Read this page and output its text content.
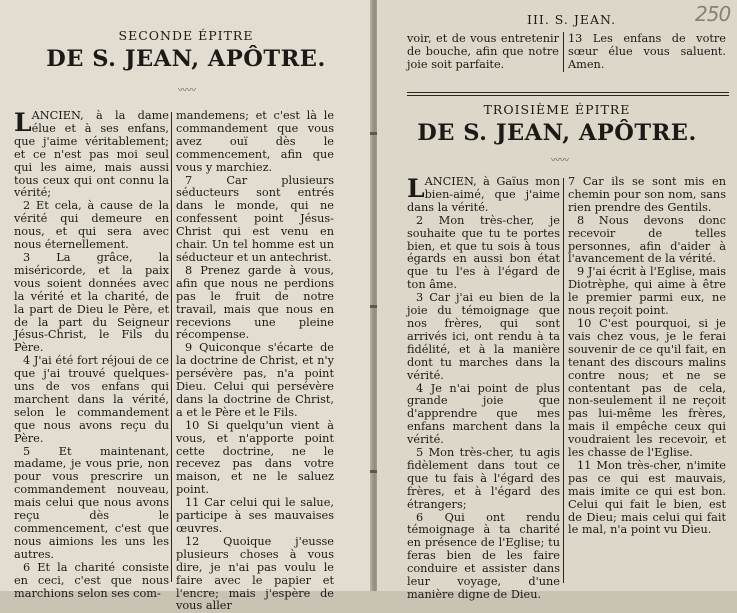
SECONDE ÉPITRE
DE S. JEAN, APÔTRE.
〰〰

LANCIEN, à la dame élue et à ses enfans, que j'aime véritablement; et ce n'est pas moi seul qui les aime, mais aussi tous ceux qui ont connu la vérité;

2 Et cela, à cause de la vérité qui demeure en nous, et qui sera avec nous éternellement.

3 La grâce, la miséricorde, et la paix vous soient données avec la vérité et la charité, de la part de Dieu le Père, et de la part du Seigneur Jésus-Christ, le Fils du Père.

4 J'ai été fort réjoui de ce que j'ai trouvé quelques-uns de vos enfans qui marchent dans la vérité, selon le commandement que nous avons reçu du Père.

5 Et maintenant, madame, je vous prie, non pour vous prescrire un commandement nouveau, mais celui que nous avons reçu dès le commencement, c'est que nous aimions les uns les autres.

6 Et la charité consiste en ceci, c'est que nous marchions selon ses com-

mandemens; et c'est là le commandement que vous avez ouï dès le commencement, afin que vous y marchiez.

7 Car plusieurs séducteurs sont entrés dans le monde, qui ne confessent point Jésus-Christ qui est venu en chair. Un tel homme est un séducteur et un antechrist.

8 Prenez garde à vous, afin que nous ne perdions pas le fruit de notre travail, mais que nous en recevions une pleine récompense.

9 Quiconque s'écarte de la doctrine de Christ, et n'y persévère pas, n'a point Dieu. Celui qui persévère dans la doctrine de Christ, a et le Père et le Fils.

10 Si quelqu'un vient à vous, et n'apporte point cette doctrine, ne le recevez pas dans votre maison, et ne le saluez point.

11 Car celui qui le salue, participe à ses mauvaises œuvres.

12 Quoique j'eusse plusieurs choses à vous dire, je n'ai pas voulu le faire avec le papier et l'encre; mais j'espère de vous aller

III. S. JEAN.	250
voir, et de vous entretenir de bouche, afin que notre joie soit parfaite.
13 Les enfans de votre sœur élue vous saluent. Amen.
TROISIÈME ÉPITRE
DE S. JEAN, APÔTRE.
〰〰

LANCIEN, à Gaïus mon bien-aimé, que j'aime dans la vérité.

2 Mon très-cher, je souhaite que tu te portes bien, et que tu sois à tous égards en aussi bon état que tu l'es à l'égard de ton âme.

3 Car j'ai eu bien de la joie du témoignage que nos frères, qui sont arrivés ici, ont rendu à ta fidélité, et à la manière dont tu marches dans la vérité.

4 Je n'ai point de plus grande joie que d'apprendre que mes enfans marchent dans la vérité.

5 Mon très-cher, tu agis fidèlement dans tout ce que tu fais à l'égard des frères, et à l'égard des étrangers;

6 Qui ont rendu témoignage à ta charité en présence de l'Eglise; tu feras bien de les faire conduire et assister dans leur voyage, d'une manière digne de Dieu.

7 Car ils se sont mis en chemin pour son nom, sans rien prendre des Gentils.

8 Nous devons donc recevoir de telles personnes, afin d'aider à l'avancement de la vérité.

9 J'ai écrit à l'Eglise, mais Diotrèphe, qui aime à être le premier parmi eux, ne nous reçoit point.

10 C'est pourquoi, si je vais chez vous, je le ferai souvenir de ce qu'il fait, en tenant des discours malins contre nous; et ne se contentant pas de cela, non-seulement il ne reçoit pas lui-même les frères, mais il empêche ceux qui voudraient les recevoir, et les chasse de l'Eglise.

11 Mon très-cher, n'imite pas ce qui est mauvais, mais imite ce qui est bon. Celui qui fait le bien, est de Dieu; mais celui qui fait le mal, n'a point vu Dieu.
